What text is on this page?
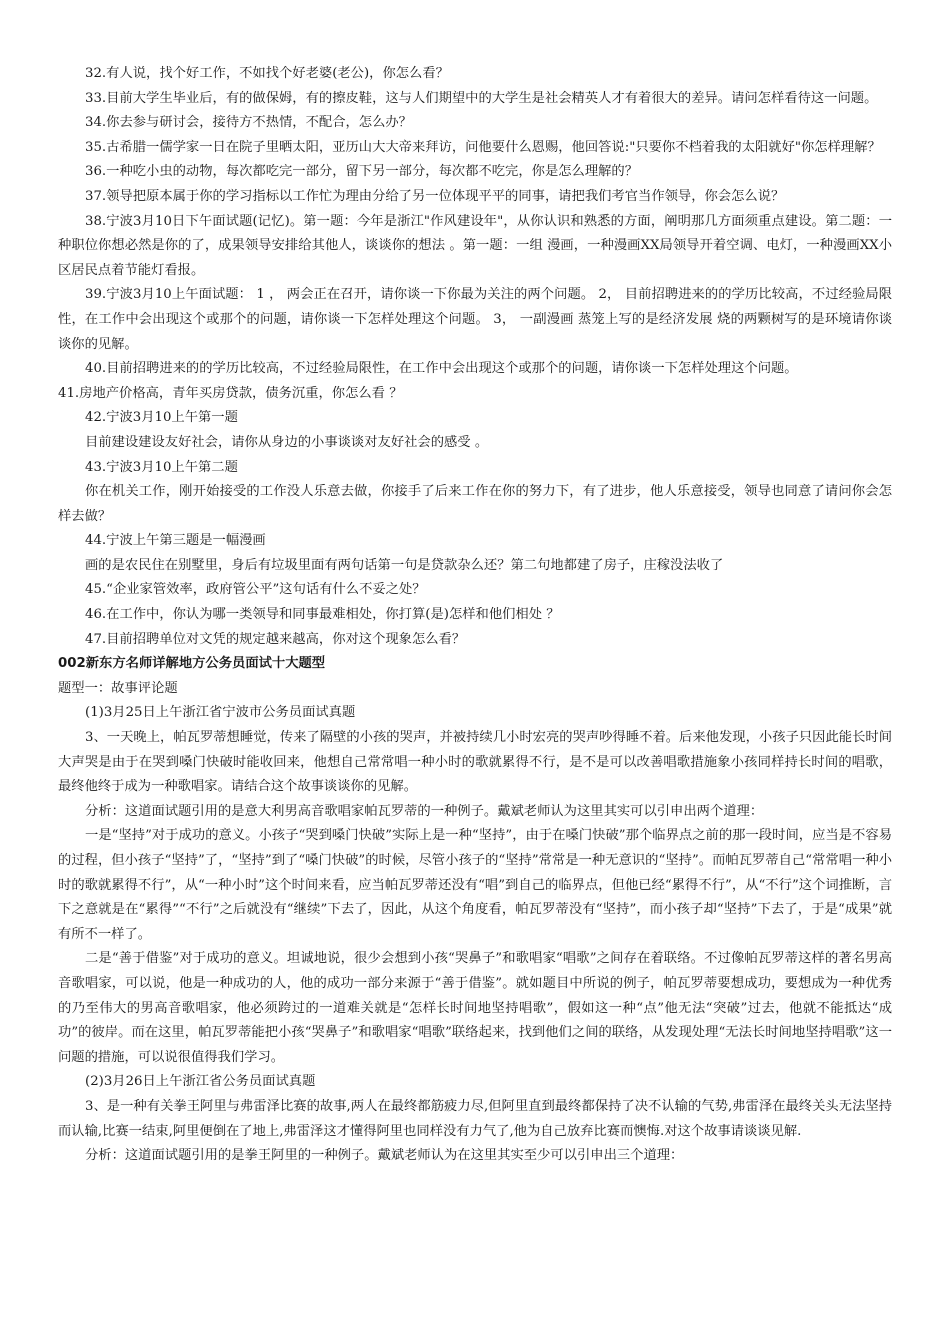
32.有人说，找个好工作，不如找个好老婆(老公)，你怎么看？

33.目前大学生毕业后，有的做保姆，有的擦皮鞋，这与人们期望中的大学生是社会精英人才有着很大的差异。请问怎样看待这一问题。

34.你去参与研讨会，接待方不热情，不配合，怎么办？

35.古希腊一儒学家一日在院子里晒太阳，亚历山大大帝来拜访，问他要什么恩赐，他回答说:"只要你不档着我的太阳就好"你怎样理解？

36.一种吃小虫的动物，每次都吃完一部分，留下另一部分，每次都不吃完，你是怎么理解的？

37.领导把原本属于你的学习指标以工作忙为理由分给了另一位体现平平的同事，请把我们考官当作领导，你会怎么说？

38.宁波3月10日下午面试题(记忆)。第一题：今年是浙江"作风建设年"，从你认识和熟悉的方面，阐明那几方面须重点建设。第二题：一种职位你想必然是你的了，成果领导安排给其他人，谈谈你的想法 。第一题：一组 漫画，一种漫画XX局领导开着空调、电灯，一种漫画XX小区居民点着节能灯看报。

39.宁波3月10上午面试题： 1 ， 两会正在召开，请你谈一下你最为关注的两个问题。 2， 目前招聘进来的的学历比较高，不过经验局限性，在工作中会出现这个或那个的问题，请你谈一下怎样处理这个问题。 3， 一副漫画 蒸笼上写的是经济发展 烧的两颗树写的是环境请你谈谈你的见解。

40.目前招聘进来的的学历比较高，不过经验局限性，在工作中会出现这个或那个的问题，请你谈一下怎样处理这个问题。

41.房地产价格高，青年买房贷款，债务沉重，你怎么看 ？

42.宁波3月10上午第一题

目前建设建设友好社会，请你从身边的小事谈谈对友好社会的感受 。

43.宁波3月10上午第二题

你在机关工作，刚开始接受的工作没人乐意去做，你接手了后来工作在你的努力下，有了进步，他人乐意接受，领导也同意了请问你会怎样去做？

44.宁波上午第三题是一幅漫画

画的是农民住在别墅里，身后有垃圾里面有两句话第一句是贷款杂么还？第二句地都建了房子，庄稼没法收了

45.“企业家管效率，政府管公平”这句话有什么不妥之处？

46.在工作中，你认为哪一类领导和同事最难相处，你打算(是)怎样和他们相处 ？

47.目前招聘单位对文凭的规定越来越高，你对这个现象怎么看？

002新东方名师详解地方公务员面试十大题型

题型一：故事评论题

(1)3月25日上午浙江省宁波市公务员面试真题

3、一天晚上，帕瓦罗蒂想睡觉，传来了隔壁的小孩的哭声，并被持续几小时宏亮的哭声吵得睡不着。后来他发现，小孩子只因此能长时间大声哭是由于在哭到嗓门快破时能收回来，他想自己常常唱一种小时的歌就累得不行，是不是可以改善唱歌措施象小孩同样持长时间的唱歌，最终他终于成为一种歌唱家。请结合这个故事谈谈你的见解。

分析：这道面试题引用的是意大利男高音歌唱家帕瓦罗蒂的一种例子。戴斌老师认为这里其实可以引申出两个道理：

一是“坚持”对于成功的意义。小孩子“哭到嗓门快破”实际上是一种“坚持”，由于在嗓门快破”那个临界点之前的那一段时间，应当是不容易的过程，但小孩子“坚持”了，“坚持”到了“嗓门快破”的时候，尽管小孩子的“坚持”常常是一种无意识的“坚持”。而帕瓦罗蒂自己“常常唱一种小时的歌就累得不行”，从“一种小时”这个时间来看，应当帕瓦罗蒂还没有“唱”到自己的临界点，但他已经“累得不行”，从“不行”这个词推断，言下之意就是在“累得”“不行”之后就没有“继续”下去了，因此，从这个角度看，帕瓦罗蒂没有“坚持”，而小孩子却“坚持”下去了，于是“成果”就有所不一样了。

二是“善于借鉴”对于成功的意义。坦诚地说，很少会想到小孩“哭鼻子”和歌唱家“唱歌”之间存在着联络。不过像帕瓦罗蒂这样的著名男高音歌唱家，可以说，他是一种成功的人，他的成功一部分来源于“善于借鉴”。就如题目中所说的例子，帕瓦罗蒂要想成功，要想成为一种优秀的乃至伟大的男高音歌唱家，他必须跨过的一道难关就是“怎样长时间地坚持唱歌”，假如这一种“点”他无法“突破”过去，他就不能抵达“成功”的彼岸。而在这里，帕瓦罗蒂能把小孩“哭鼻子”和歌唱家“唱歌”联络起来，找到他们之间的联络，从发现处理“无法长时间地坚持唱歌”这一问题的措施，可以说很值得我们学习。

(2)3月26日上午浙江省公务员面试真题

3、是一种有关拳王阿里与弗雷泽比赛的故事,两人在最终都筋疲力尽,但阿里直到最终都保持了决不认输的气势,弗雷泽在最终关头无法坚持而认输,比赛一结束,阿里便倒在了地上,弗雷泽这才懂得阿里也同样没有力气了,他为自己放弃比赛而懊悔.对这个故事请谈谈见解.

分析：这道面试题引用的是拳王阿里的一种例子。戴斌老师认为在这里其实至少可以引申出三个道理：
